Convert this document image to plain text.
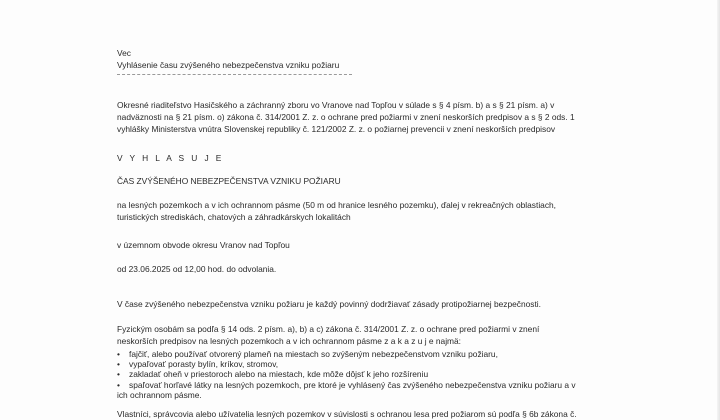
Vec
Vyhlásenie času zvýšeného nebezpečenstva vzniku požiaru
Okresné riaditeľstvo Hasičského a záchranný zboru vo Vranove nad Topľou v súlade s § 4 písm. b) a s § 21 písm. a) v
nadväznosti na § 21 písm. o) zákona č. 314/2001 Z. z. o ochrane pred požiarmi v znení neskorších predpisov a s § 2 ods. 1
vyhlášky Ministerstva vnútra Slovenskej republiky č. 121/2002 Z. z. o požiarnej prevencii v znení neskorších predpisov
V Y H L A S U J E
ČAS ZVÝŠENÉHO NEBEZPEČENSTVA VZNIKU POŽIARU
na lesných pozemkoch a v ich ochrannom pásme (50 m od hranice lesného pozemku), ďalej v rekreačných oblastiach,
turistických strediskách, chatových a záhradkárskych lokalitách
v územnom obvode okresu Vranov nad Topľou
od 23.06.2025 od 12,00 hod. do odvolania.
V čase zvýšeného nebezpečenstva vzniku požiaru je každý povinný dodržiavať zásady protipožiarnej bezpečnosti.
Fyzickým osobám sa podľa § 14 ods. 2 písm. a), b) a c) zákona č. 314/2001 Z. z. o ochrane pred požiarmi v znení
neskorších predpisov na lesných pozemkoch a v ich ochrannom pásme z a k a z u j e najmä:
• fajčiť, alebo používať otvorený plameň na miestach so zvýšeným nebezpečenstvom vzniku požiaru,
• vypaľovať porasty bylín, kríkov, stromov,
• zakladať oheň v priestoroch alebo na miestach, kde môže dôjsť k jeho rozšíreniu
• spaľovať horľavé látky na lesných pozemkoch, pre ktoré je vyhlásený čas zvýšeného nebezpečenstva vzniku požiaru a v
ich ochrannom pásme.
Vlastníci, správcovia alebo užívatelia lesných pozemkov v súvislosti s ochranou lesa pred požiarom sú podľa § 6b zákona č.
